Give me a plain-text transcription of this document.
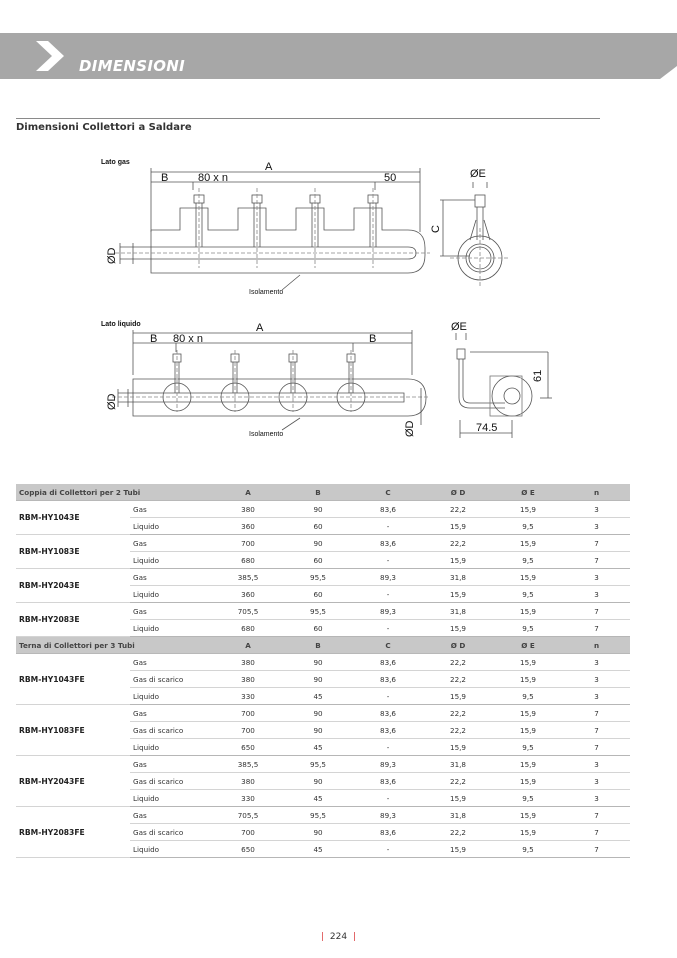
DIMENSIONI
Dimensioni Collettori a Saldare
Lato gas	A
B	80 x n	50	ØE
ØD
C
Isolamento
Lato liquido	A
B 80 x n	B
ØE
ØD
ØD
61
74.5
Isolamento
Coppia di Collettori per 2 Tubi		A	B	C	Ø D	Ø E	n
RBM-HY1043E	Gas	380	90	83,6	22,2	15,9	3
	Liquido	360	60	-	15,9	9,5	3
RBM-HY1083E	Gas	700	90	83,6	22,2	15,9	7
	Liquido	680	60	-	15,9	9,5	7
RBM-HY2043E	Gas	385,5	95,5	89,3	31,8	15,9	3
	Liquido	360	60	-	15,9	9,5	3
RBM-HY2083E	Gas	705,5	95,5	89,3	31,8	15,9	7
	Liquido	680	60	-	15,9	9,5	7
Terna di Collettori per 3 Tubi		A	B	C	Ø D	Ø E	n
RBM-HY1043FE	Gas	380	90	83,6	22,2	15,9	3
	Gas di scarico	380	90	83,6	22,2	15,9	3
	Liquido	330	45	-	15,9	9,5	3
RBM-HY1083FE	Gas	700	90	83,6	22,2	15,9	7
	Gas di scarico	700	90	83,6	22,2	15,9	7
	Liquido	650	45	-	15,9	9,5	7
RBM-HY2043FE	Gas	385,5	95,5	89,3	31,8	15,9	3
	Gas di scarico	380	90	83,6	22,2	15,9	3
	Liquido	330	45	-	15,9	9,5	3
RBM-HY2083FE	Gas	705,5	95,5	89,3	31,8	15,9	7
	Gas di scarico	700	90	83,6	22,2	15,9	7
	Liquido	650	45	-	15,9	9,5	7
| 224 |
